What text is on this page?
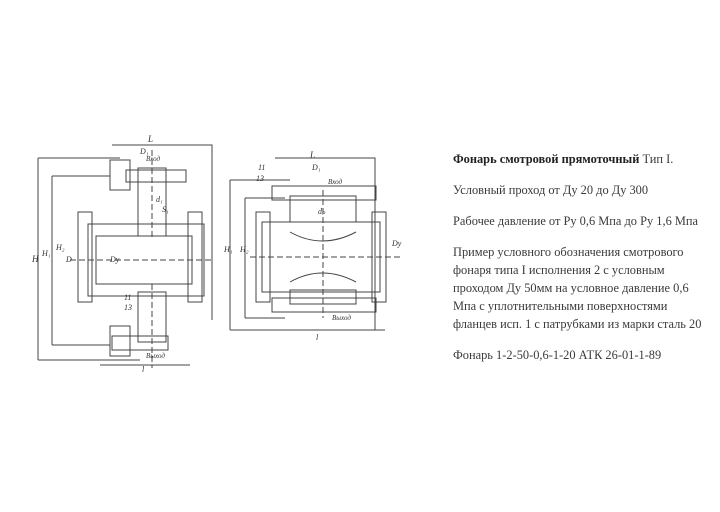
L
D₁
Вход
d₁
S₁
H
H₁
H₂
D	Dу
11
13
Выход
l
L
D₁
11
13	Вход
dₚ
H₁ H₂
Dу
Выход
l

Фонарь смотровой прямоточный Тип I.

Условный проход от Ду 20 до Ду 300

Рабочее давление от Ру 0,6 Мпа до Ру 1,6 Мпа

Пример условного обозначения смотрового фонаря типа I исполнения 2 с условным проходом Ду 50мм на условное давление 0,6 Мпа с уплотнительными поверхностями фланцев исп. 1 с патрубками из марки сталь 20

Фонарь 1-2-50-0,6-1-20 АТК 26-01-1-89
